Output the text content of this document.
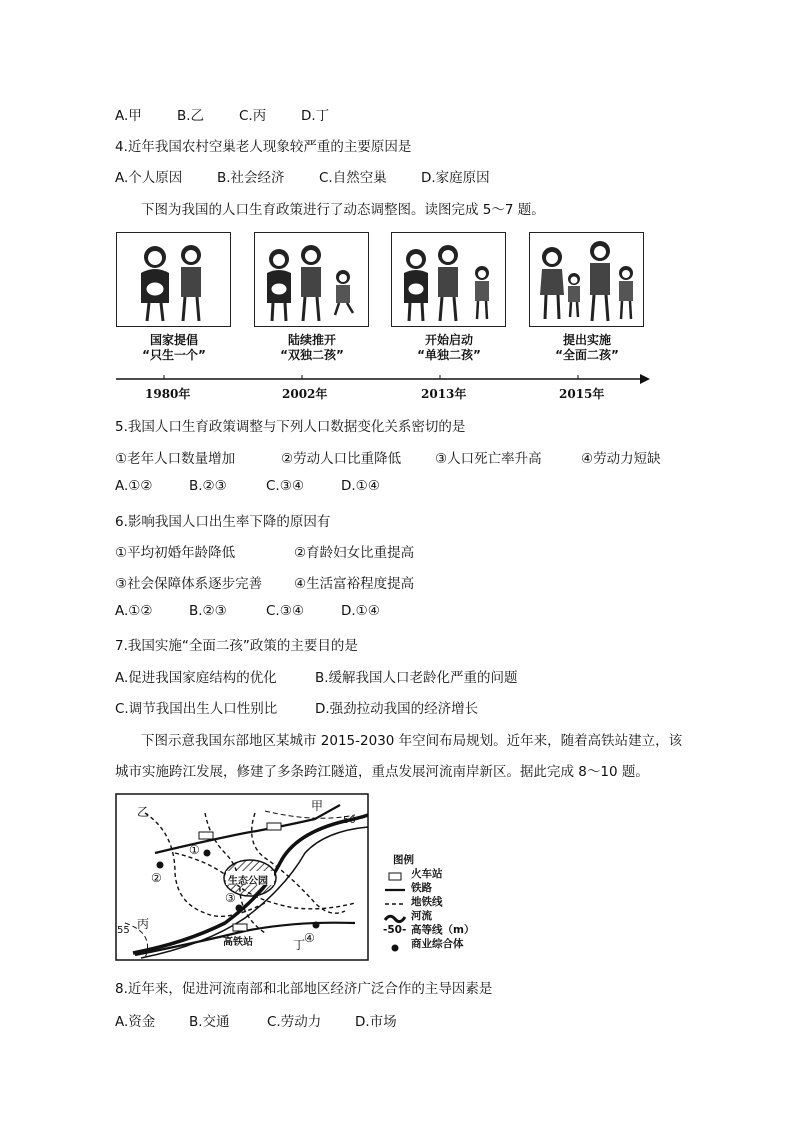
A.甲	B.乙	C.丙	D.丁
4.近年我国农村空巢老人现象较严重的主要原因是
A.个人原因	B.社会经济	C.自然空巢	D.家庭原因
下图为我国的人口生育政策进行了动态调整图。读图完成 5～7 题。
国家提倡
“只生一个”
陆续推开
“双独二孩”
开始启动
“单独二孩”
提出实施
“全面二孩”
1980年	2002年	2013年	2015年
5.我国人口生育政策调整与下列人口数据变化关系密切的是
①老年人口数量增加	②劳动人口比重降低	③人口死亡率升高	④劳动力短缺
A.①②	B.②③	C.③④	D.①④
6.影响我国人口出生率下降的原因有
①平均初婚年龄降低	②育龄妇女比重提高
③社会保障体系逐步完善 ④生活富裕程度提高
A.①②	B.②③	C.③④	D.①④
7.我国实施“全面二孩”政策的主要目的是
A.促进我国家庭结构的优化	B.缓解我国人口老龄化严重的问题
C.调节我国出生人口性别比	D.强劲拉动我国的经济增长
下图示意我国东部地区某城市 2015-2030 年空间布局规划。近年来，随着高铁站建立，该
城市实施跨江发展，修建了多条跨江隧道，重点发展河流南岸新区。据此完成 8～10 题。
乙	甲
50
丙
55
丁
生态公园
高铁站
①
②
③
④
图例
火车站
铁路
地铁线
河流
-50- 高等线（m）
商业综合体
8.近年来，促进河流南部和北部地区经济广泛合作的主导因素是
A.资金 B.交通	C.劳动力	D.市场
